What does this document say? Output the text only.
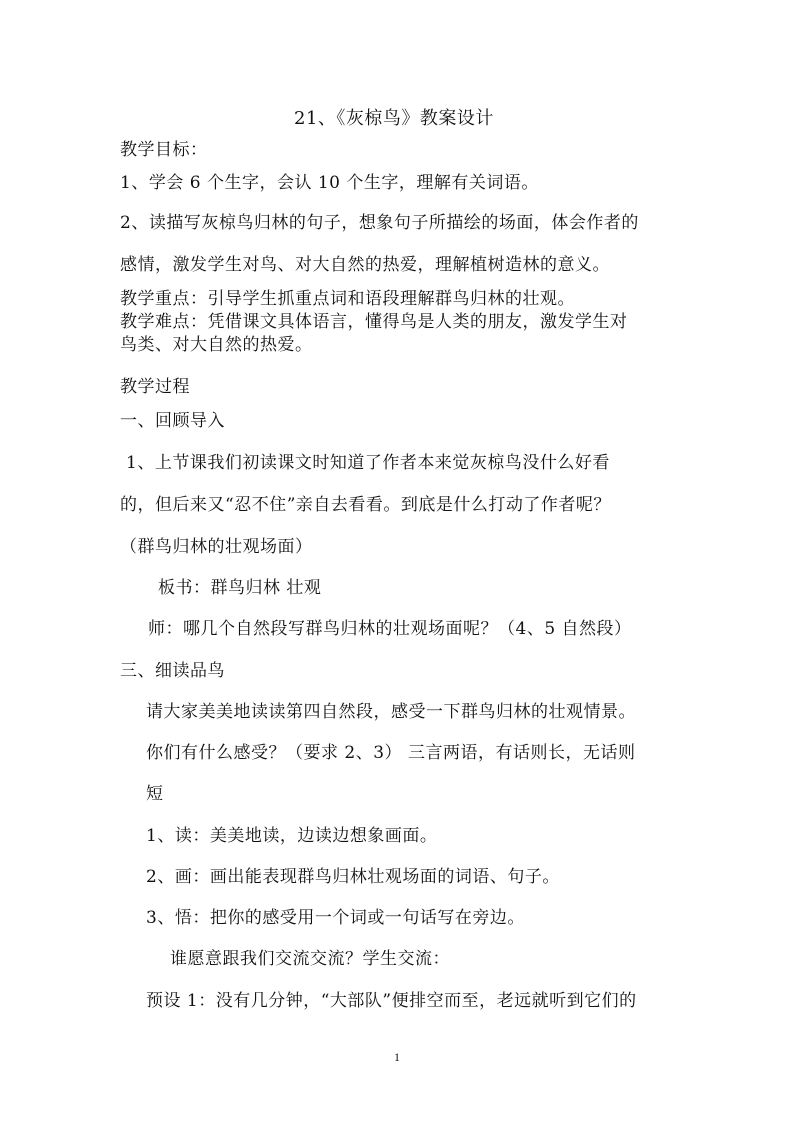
21、《灰椋鸟》教案设计
教学目标：
1、学会 6 个生字，会认 10 个生字，理解有关词语。
2、读描写灰椋鸟归林的句子，想象句子所描绘的场面，体会作者的
感情，激发学生对鸟、对大自然的热爱，理解植树造林的意义。
教学重点：引导学生抓重点词和语段理解群鸟归林的壮观。
教学难点：凭借课文具体语言，懂得鸟是人类的朋友，激发学生对
鸟类、对大自然的热爱。
教学过程
一、回顾导入
1、上节课我们初读课文时知道了作者本来觉灰椋鸟没什么好看
的，但后来又“忍不住”亲自去看看。到底是什么打动了作者呢？
（群鸟归林的壮观场面）
板书：群鸟归林 壮观
师：哪几个自然段写群鸟归林的壮观场面呢？（4、5 自然段）
三、细读品鸟
请大家美美地读读第四自然段，感受一下群鸟归林的壮观情景。
你们有什么感受？（要求 2、3） 三言两语，有话则长，无话则
短
1、读：美美地读，边读边想象画面。
2、画：画出能表现群鸟归林壮观场面的词语、句子。
3、悟：把你的感受用一个词或一句话写在旁边。
谁愿意跟我们交流交流？学生交流：
预设 1：没有几分钟，“大部队”便排空而至，老远就听到它们的
1
